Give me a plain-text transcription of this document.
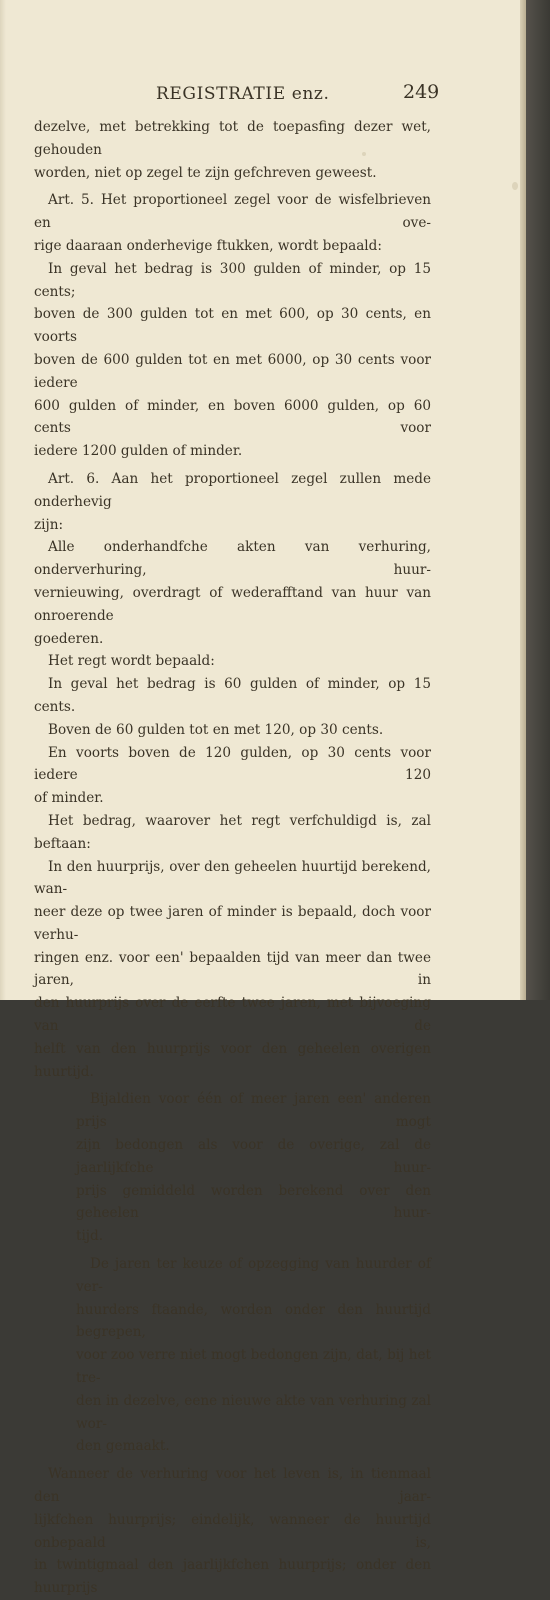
REGISTRATIE enz.	249

dezelve, met betrekking tot de toepasfing dezer wet, gehouden

worden, niet op zegel te zijn gefchreven geweest.

Art. 5. Het proportioneel zegel voor de wisfelbrieven en ove-

rige daaraan onderhevige ftukken, wordt bepaald:

In geval het bedrag is 300 gulden of minder, op 15 cents;

boven de 300 gulden tot en met 600, op 30 cents, en voorts

boven de 600 gulden tot en met 6000, op 30 cents voor iedere

600 gulden of minder, en boven 6000 gulden, op 60 cents voor

iedere 1200 gulden of minder.

Art. 6. Aan het proportioneel zegel zullen mede onderhevig

zijn:

Alle onderhandfche akten van verhuring, onderverhuring, huur-

vernieuwing, overdragt of wederafftand van huur van onroerende

goederen.

Het regt wordt bepaald:

In geval het bedrag is 60 gulden of minder, op 15 cents.

Boven de 60 gulden tot en met 120, op 30 cents.

En voorts boven de 120 gulden, op 30 cents voor iedere 120

of minder.

Het bedrag, waarover het regt verfchuldigd is, zal beftaan:

In den huurprijs, over den geheelen huurtijd berekend, wan-

neer deze op twee jaren of minder is bepaald, doch voor verhu-

ringen enz. voor een' bepaalden tijd van meer dan twee jaren, in

den huurprijs over de eerfte twee jaren, met bijvoeging van de

helft van den huurprijs voor den geheelen overigen huurtijd.

Bijaldien voor één of meer jaren een' anderen prijs mogt

zijn bedongen als voor de overige, zal de jaarlijkfche huur-

prijs gemiddeld worden berekend over den geheelen huur-

tijd.

De jaren ter keuze of opzegging van huurder of ver-

huurders ftaande, worden onder den huurtijd begrepen,

voor zoo verre niet mogt bedongen zijn, dat, bij het tre-

den in dezelve, eene nieuwe akte van verhuring zal wor-

den gemaakt.

Wanneer de verhuring voor het leven is, in tienmaal den jaar-

lijkfchen huurprijs; eindelijk, wanneer de huurtijd onbepaald is,

in twintigmaal den jaarlijkfchen huurprijs; onder den huurprijs
